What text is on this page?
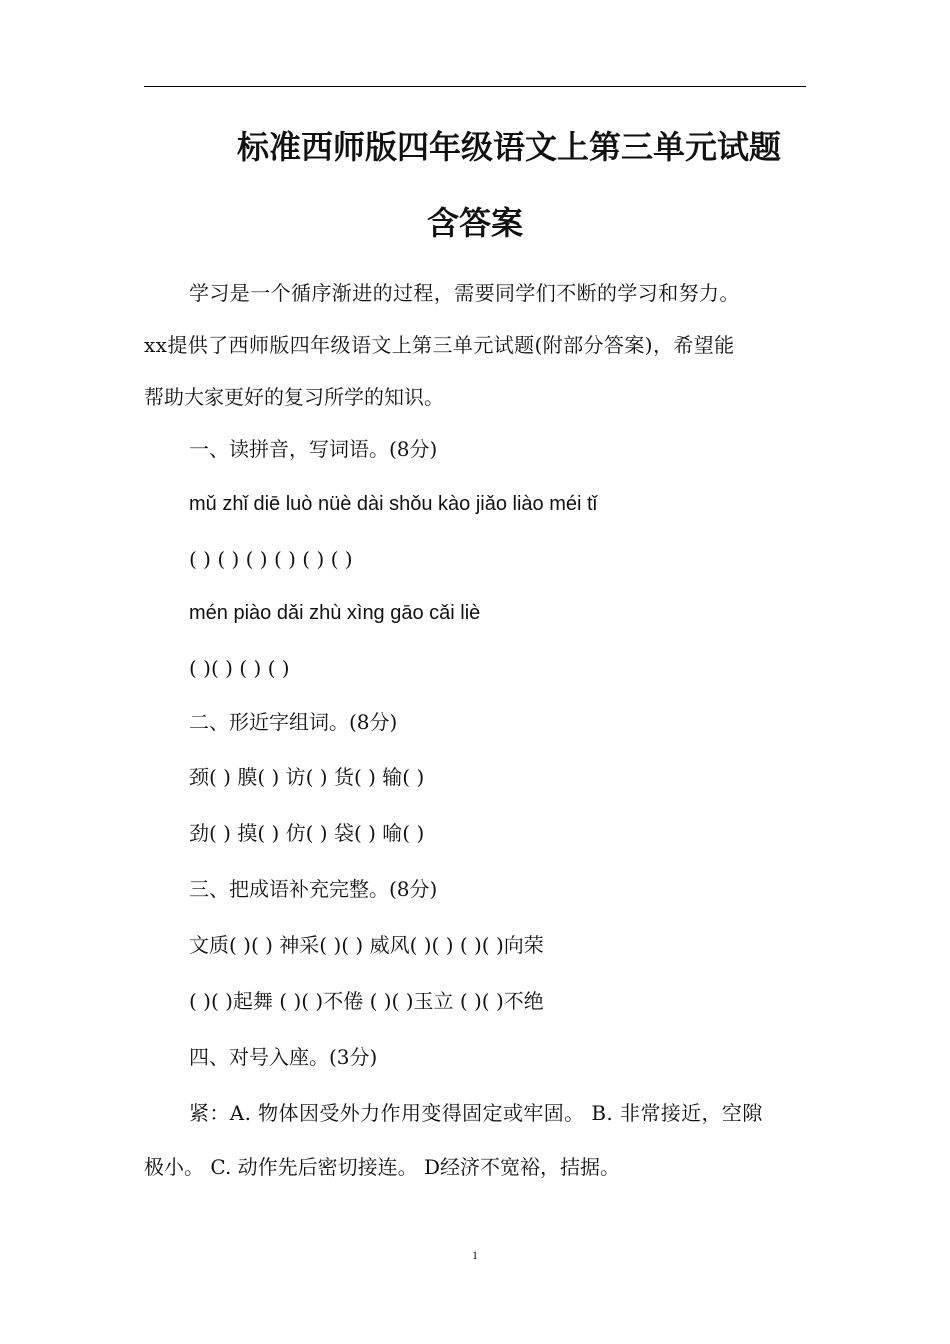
标准西师版四年级语文上第三单元试题
含答案
学习是一个循序渐进的过程，需要同学们不断的学习和努力。
xx提供了西师版四年级语文上第三单元试题(附部分答案)，希望能
帮助大家更好的复习所学的知识。
一、读拼音，写词语。(8分)
mǔ zhǐ diē luò nüè dài shǒu kào jiǎo liào méi tǐ
( ) ( ) ( ) ( ) ( ) ( )
mén piào dǎi zhù xìng gāo cǎi liè
( )( ) ( ) ( )
二、形近字组词。(8分)
颈( ) 膜( ) 访( ) 货( ) 输( )
劲( ) 摸( ) 仿( ) 袋( ) 喻( )
三、把成语补充完整。(8分)
文质( )( ) 神采( )( ) 威风( )( ) ( )( )向荣
( )( )起舞 ( )( )不倦 ( )( )玉立 ( )( )不绝
四、对号入座。(3分)
紧：A. 物体因受外力作用变得固定或牢固。 B. 非常接近，空隙
极小。 C. 动作先后密切接连。 D经济不宽裕，拮据。
1
